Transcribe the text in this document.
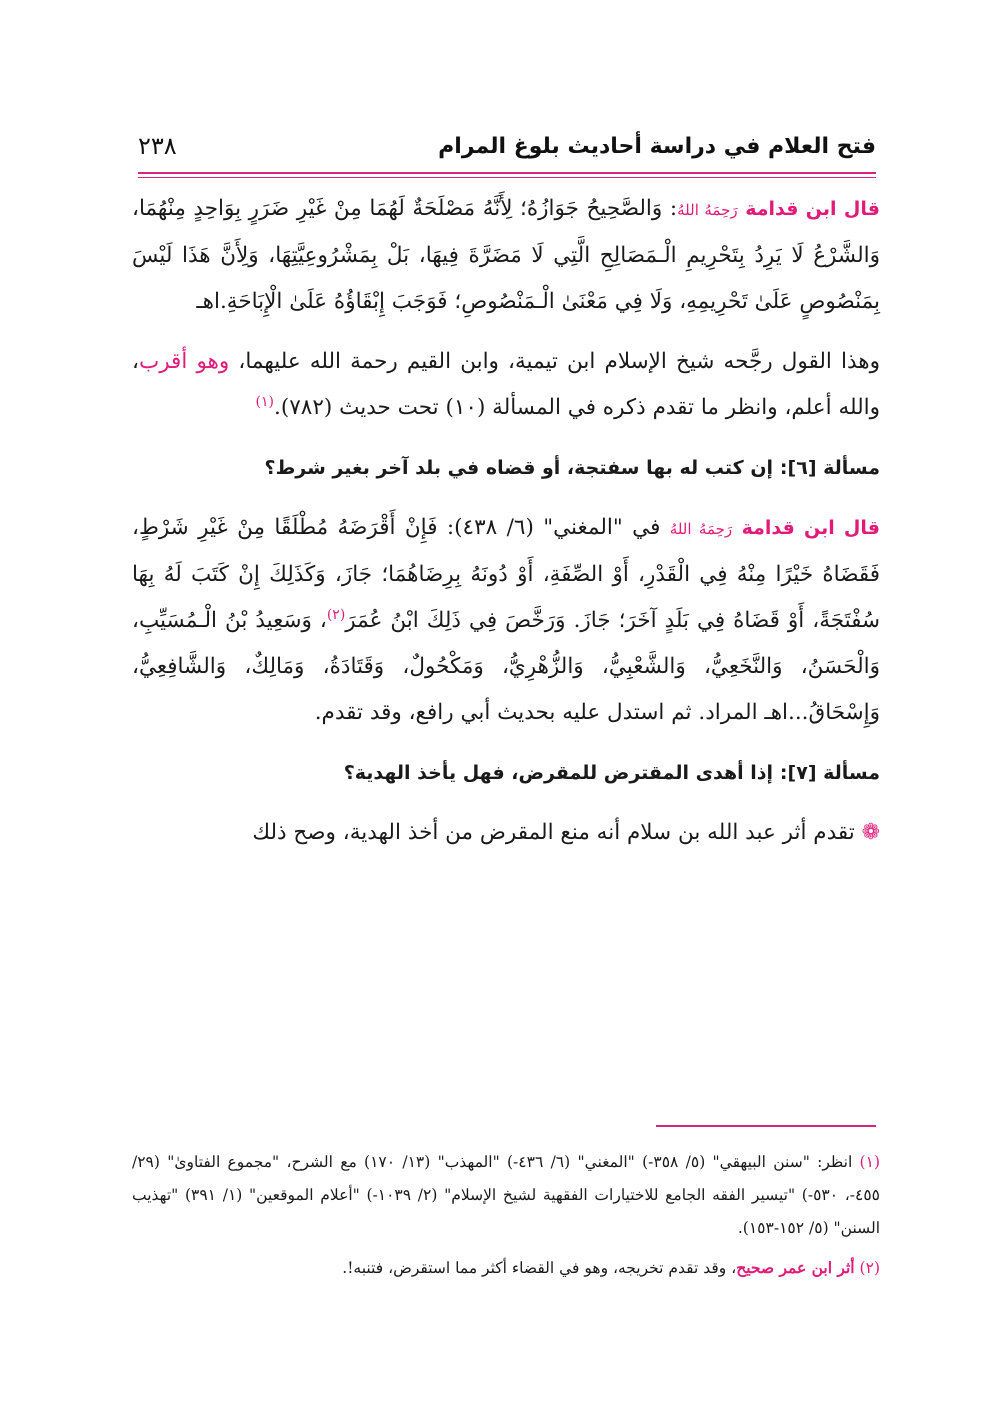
فتح العلام في دراسة أحاديث بلوغ المرام
٢٣٨

قال ابن قدامة رَحِمَهُ اللهُ: وَالصَّحِيحُ جَوَازُهُ؛ لِأَنَّهُ مَصْلَحَةٌ لَهُمَا مِنْ غَيْرِ ضَرَرٍ بِوَاحِدٍ مِنْهُمَا، وَالشَّرْعُ لَا يَرِدُ بِتَحْرِيمِ الْـمَصَالِحِ الَّتِي لَا مَضَرَّةَ فِيهَا، بَلْ بِمَشْرُوعِيَّتِهَا، وَلِأَنَّ هَذَا لَيْسَ بِمَنْصُوصٍ عَلَىٰ تَحْرِيمِهِ، وَلَا فِي مَعْنَىٰ الْـمَنْصُوصِ؛ فَوَجَبَ إِبْقَاؤُهُ عَلَىٰ الْإِبَاحَةِ.اهـ

وهذا القول رجَّحه شيخ الإسلام ابن تيمية، وابن القيم رحمة الله عليهما، وهو أقرب، والله أعلم، وانظر ما تقدم ذكره في المسألة (١٠) تحت حديث (٧٨٢).$^{(١)}$

مسألة [٦]: إن كتب له بها سفتجة، أو قضاه في بلد آخر بغير شرط؟

قال ابن قدامة رَحِمَهُ اللهُ في "المغني" (٦/ ٤٣٨): فَإِنْ أَقْرَضَهُ مُطْلَقًا مِنْ غَيْرِ شَرْطٍ، فَقَضَاهُ خَيْرًا مِنْهُ فِي الْقَدْرِ، أَوْ الصِّفَةِ، أَوْ دُونَهُ بِرِضَاهُمَا؛ جَازَ، وَكَذَلِكَ إِنْ كَتَبَ لَهُ بِهَا سُفْتَجَةً، أَوْ قَضَاهُ فِي بَلَدٍ آخَرَ؛ جَازَ. وَرَخَّصَ فِي ذَلِكَ ابْنُ عُمَرَ$^{(٢)}$، وَسَعِيدُ بْنُ الْـمُسَيِّبِ، وَالْحَسَنُ، وَالنَّخَعِيُّ، وَالشَّعْبِيُّ، وَالزُّهْرِيُّ، وَمَكْحُولٌ، وَقَتَادَةُ، وَمَالِكٌ، وَالشَّافِعِيُّ، وَإِسْحَاقُ...اهـ المراد. ثم استدل عليه بحديث أبي رافع، وقد تقدم.

مسألة [٧]: إذا أهدى المقترض للمقرض، فهل يأخذ الهدية؟

❁ تقدم أثر عبد الله بن سلام أنه منع المقرض من أخذ الهدية، وصح ذلك

(١) انظر: "سنن البيهقي" (٥/ ٣٥٨-) "المغني" (٦/ ٤٣٦-) "المهذب" (١٣/ ١٧٠) مع الشرح، "مجموع الفتاوىٰ" (٢٩/ ٤٥٥-، ٥٣٠-) "تيسير الفقه الجامع للاختيارات الفقهية لشيخ الإسلام" (٢/ ١٠٣٩-) "أعلام الموقعين" (١/ ٣٩١) "تهذيب السنن" (٥/ ١٥٢-١٥٣).

(٢) أثر ابن عمر صحيح، وقد تقدم تخريجه، وهو في القضاء أكثر مما استقرض، فتنبه!.
